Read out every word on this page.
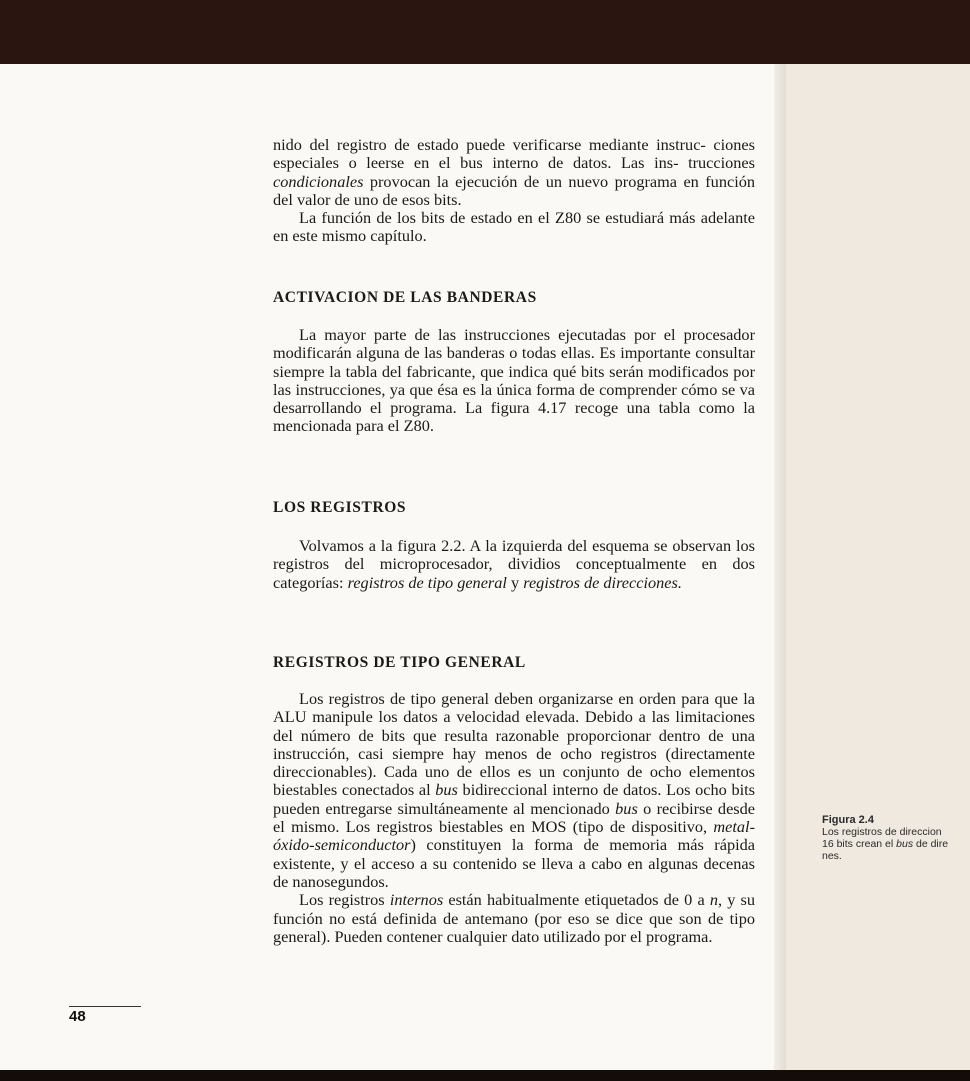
nido del registro de estado puede verificarse mediante instruc- ciones especiales o leerse en el bus interno de datos. Las ins- trucciones condicionales provocan la ejecución de un nuevo programa en función del valor de uno de esos bits.

La función de los bits de estado en el Z80 se estudiará más adelante en este mismo capítulo.

ACTIVACION DE LAS BANDERAS

La mayor parte de las instrucciones ejecutadas por el procesador modificarán alguna de las banderas o todas ellas. Es importante consultar siempre la tabla del fabricante, que indica qué bits serán modificados por las instrucciones, ya que ésa es la única forma de comprender cómo se va desarrollando el programa. La figura 4.17 recoge una tabla como la mencionada para el Z80.

LOS REGISTROS

Volvamos a la figura 2.2. A la izquierda del esquema se observan los registros del microprocesador, dividios conceptualmente en dos categorías: registros de tipo general y registros de direcciones.

REGISTROS DE TIPO GENERAL

Los registros de tipo general deben organizarse en orden para que la ALU manipule los datos a velocidad elevada. Debido a las limitaciones del número de bits que resulta razonable proporcionar dentro de una instrucción, casi siempre hay menos de ocho registros (directamente direccionables). Cada uno de ellos es un conjunto de ocho elementos biestables conectados al bus bidireccional interno de datos. Los ocho bits pueden entregarse simultáneamente al mencionado bus o recibirse desde el mismo. Los registros biestables en MOS (tipo de dispositivo, metal-óxido-semiconductor) constituyen la forma de memoria más rápida existente, y el acceso a su contenido se lleva a cabo en algunas decenas de nanosegundos.

Los registros internos están habitualmente etiquetados de 0 a n, y su función no está definida de antemano (por eso se dice que son de tipo general). Pueden contener cualquier dato utilizado por el programa.

48
Figura 2.4
Los registros de direccion
16 bits crean el bus de dire
nes.
